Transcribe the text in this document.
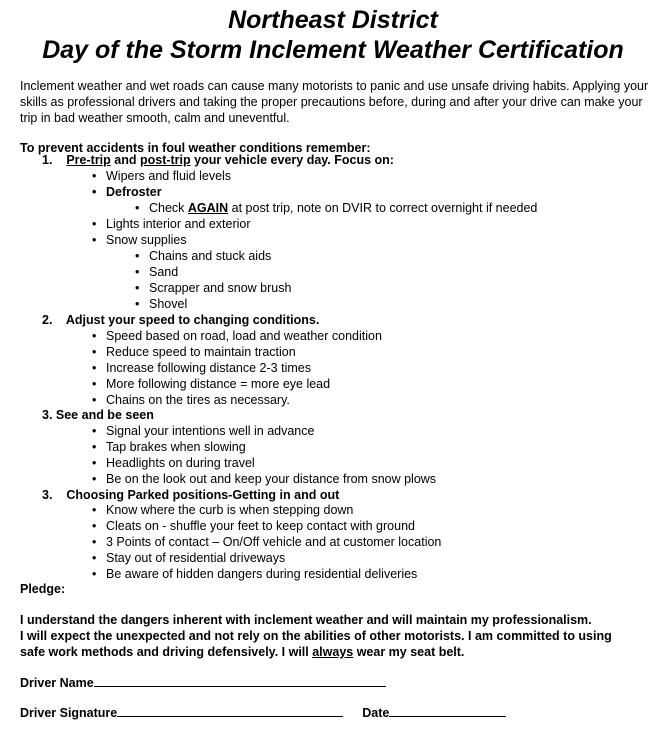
Northeast District
Day of the Storm Inclement Weather Certification

Inclement weather and wet roads can cause many motorists to panic and use unsafe driving habits. Applying your skills as professional drivers and taking the proper precautions before, during and after your drive can make your trip in bad weather smooth, calm and uneventful.

To prevent accidents in foul weather conditions remember:
1. Pre-trip and post-trip your vehicle every day. Focus on:
• Wipers and fluid levels
• Defroster
• Check AGAIN at post trip, note on DVIR to correct overnight if needed
• Lights interior and exterior
• Snow supplies
• Chains and stuck aids
• Sand
• Scrapper and snow brush
• Shovel
2. Adjust your speed to changing conditions.
• Speed based on road, load and weather condition
• Reduce speed to maintain traction
• Increase following distance 2-3 times
• More following distance = more eye lead
• Chains on the tires as necessary.
3. See and be seen
• Signal your intentions well in advance
• Tap brakes when slowing
• Headlights on during travel
• Be on the look out and keep your distance from snow plows
3. Choosing Parked positions-Getting in and out
• Know where the curb is when stepping down
• Cleats on - shuffle your feet to keep contact with ground
• 3 Points of contact – On/Off vehicle and at customer location
• Stay out of residential driveways
• Be aware of hidden dangers during residential deliveries
Pledge:
I understand the dangers inherent with inclement weather and will maintain my professionalism.
I will expect the unexpected and not rely on the abilities of other motorists. I am committed to using
safe work methods and driving defensively. I will always wear my seat belt.
Driver Name
Driver Signature	Date
